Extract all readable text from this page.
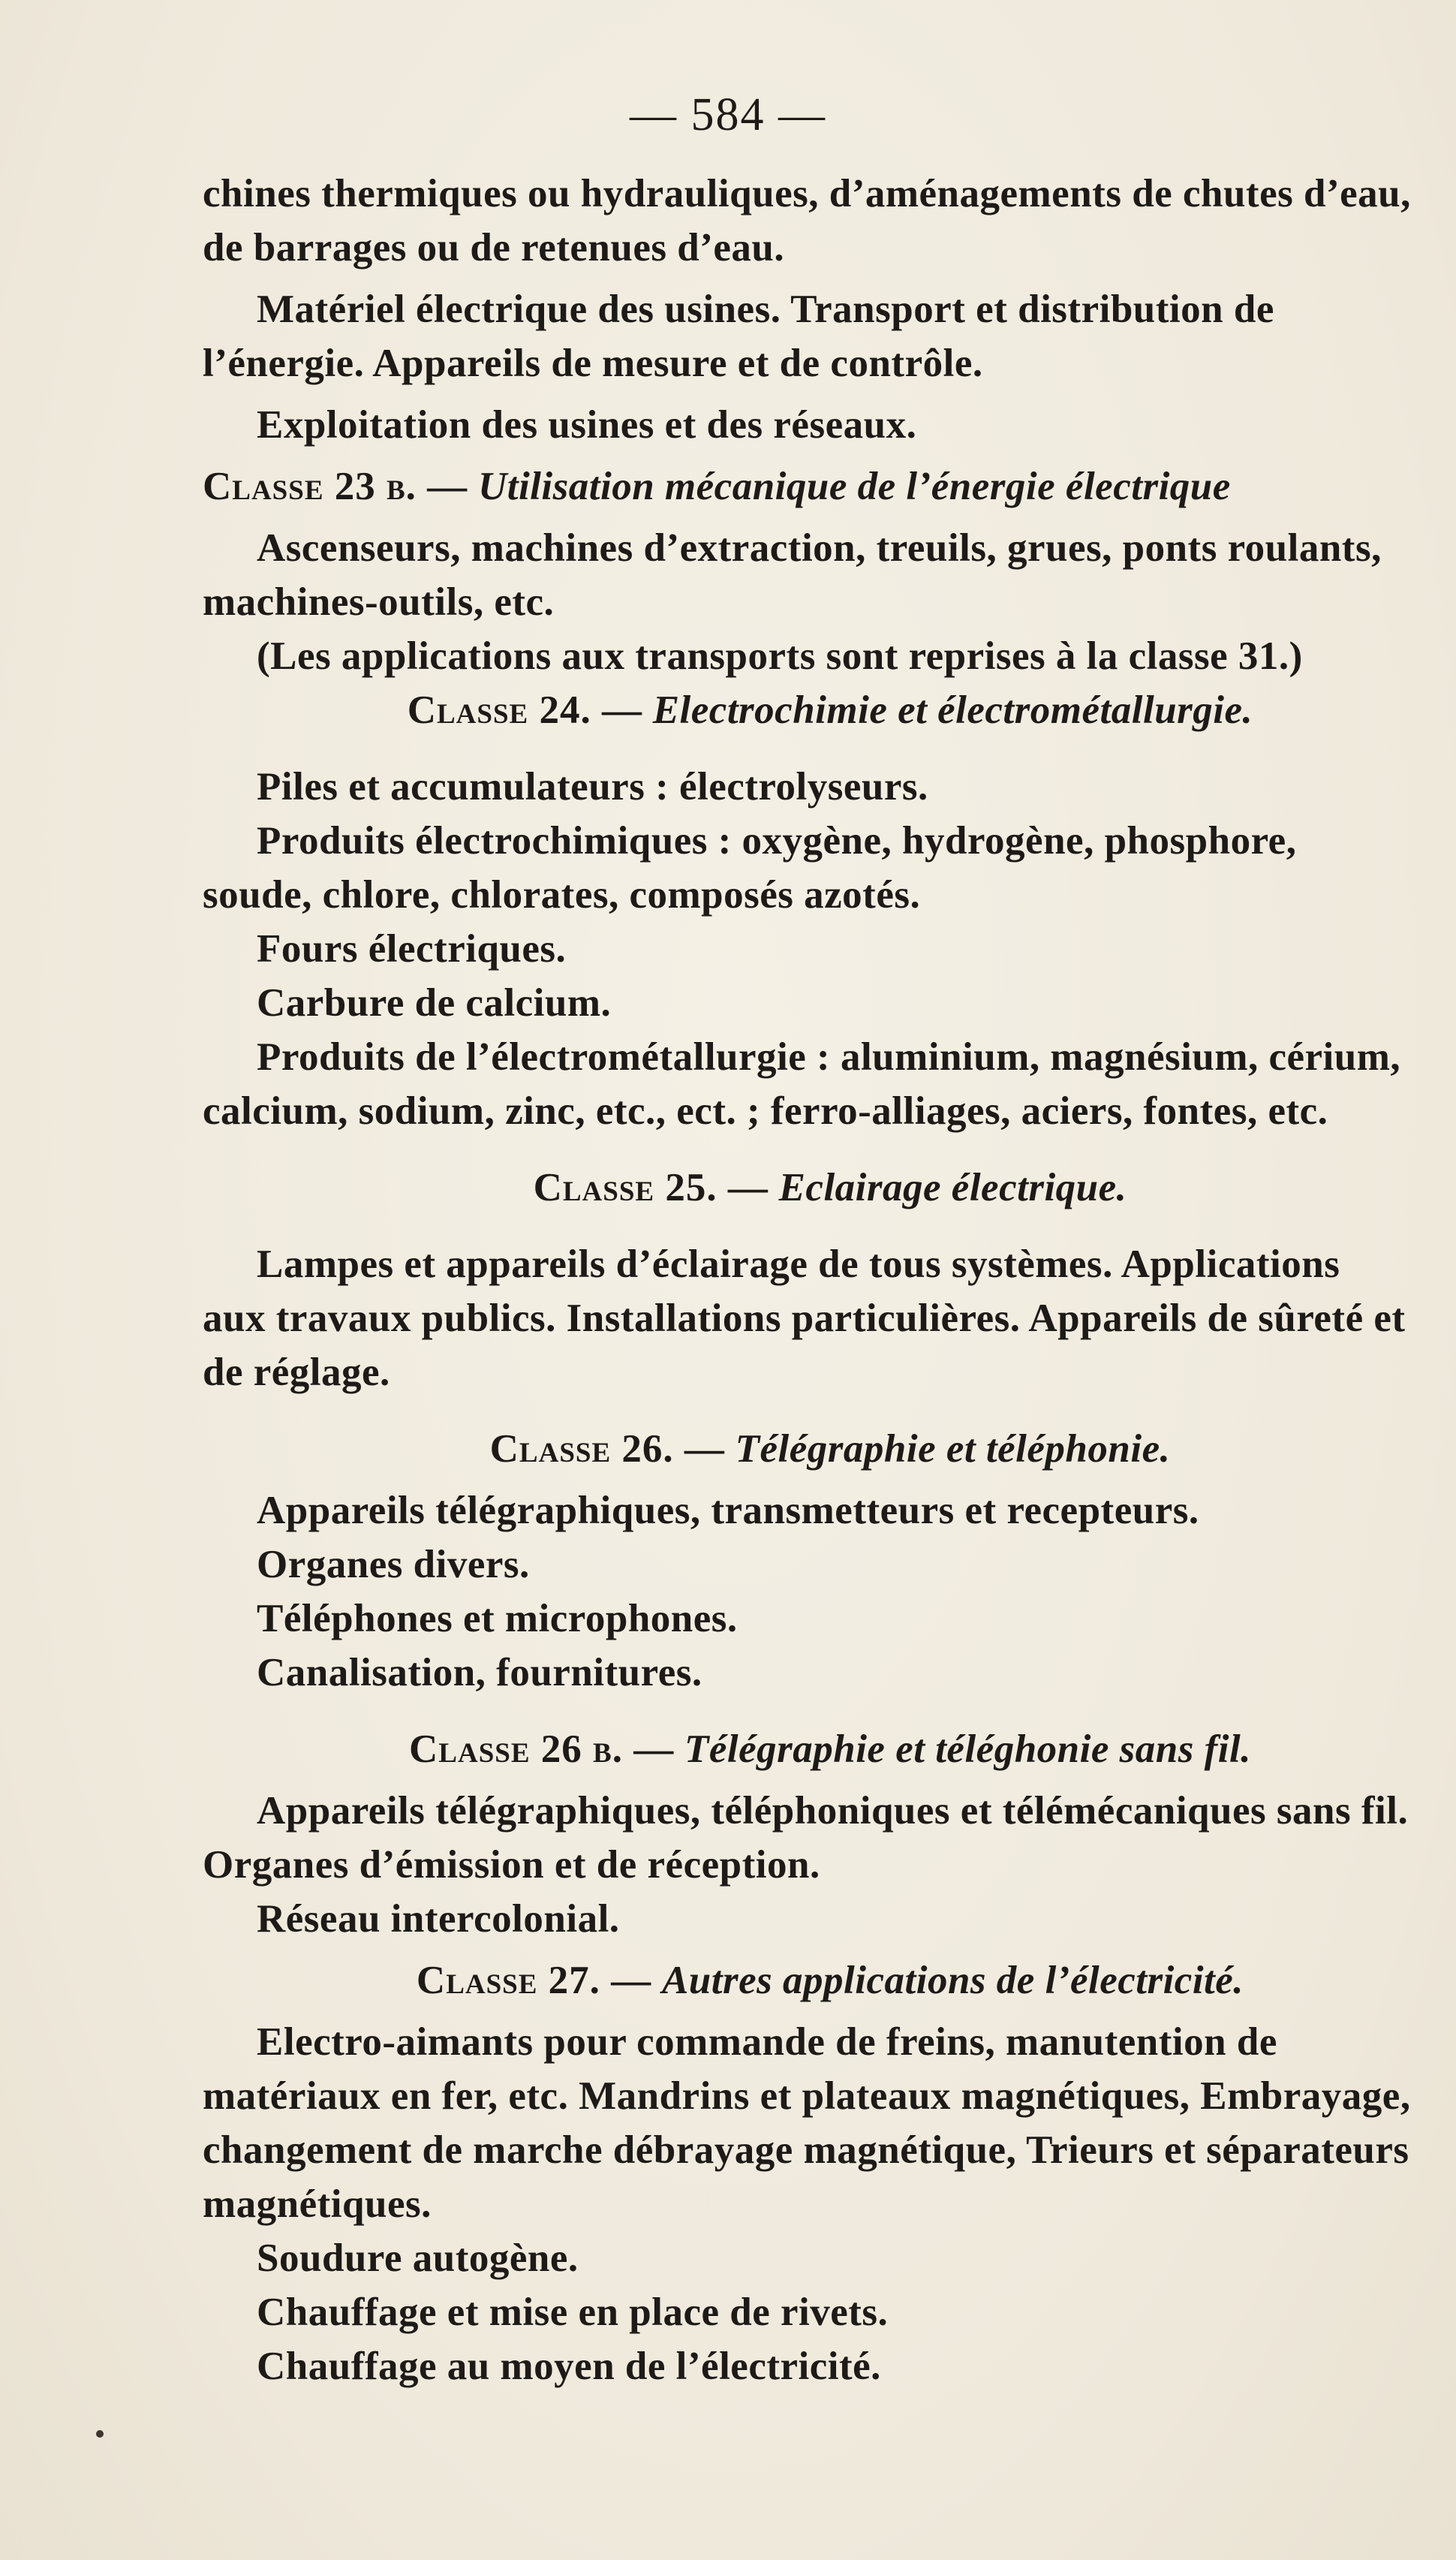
— 584 —

chines thermiques ou hydrauliques, d’aménagements de chutes d’eau, de barrages ou de retenues d’eau.

Matériel électrique des usines. Transport et distribution de l’énergie. Appareils de mesure et de contrôle.

Exploitation des usines et des réseaux.

Classe 23 b. — Utilisation mécanique de l’énergie électrique

Ascenseurs, machines d’extraction, treuils, grues, ponts roulants, machines-outils, etc.

(Les applications aux transports sont reprises à la classe 31.)

Classe 24. — Electrochimie et électrométallurgie.

Piles et accumulateurs : électrolyseurs.

Produits électrochimiques : oxygène, hydrogène, phosphore, soude, chlore, chlorates, composés azotés.

Fours électriques.

Carbure de calcium.

Produits de l’électrométallurgie : aluminium, magnésium, cérium, calcium, sodium, zinc, etc., ect. ; ferro-alliages, aciers, fontes, etc.

Classe 25. — Eclairage électrique.

Lampes et appareils d’éclairage de tous systèmes. Applications aux travaux publics. Installations particulières. Appareils de sûreté et de réglage.

Classe 26. — Télégraphie et téléphonie.

Appareils télégraphiques, transmetteurs et recepteurs.

Organes divers.

Téléphones et microphones.

Canalisation, fournitures.

Classe 26 b. — Télégraphie et téléghonie sans fil.

Appareils télégraphiques, téléphoniques et télémécaniques sans fil. Organes d’émission et de réception.

Réseau intercolonial.

Classe 27. — Autres applications de l’électricité.

Electro-aimants pour commande de freins, manutention de matériaux en fer, etc. Mandrins et plateaux magnétiques, Embrayage, changement de marche débrayage magnétique, Trieurs et séparateurs magnétiques.

Soudure autogène.

Chauffage et mise en place de rivets.

Chauffage au moyen de l’électricité.
